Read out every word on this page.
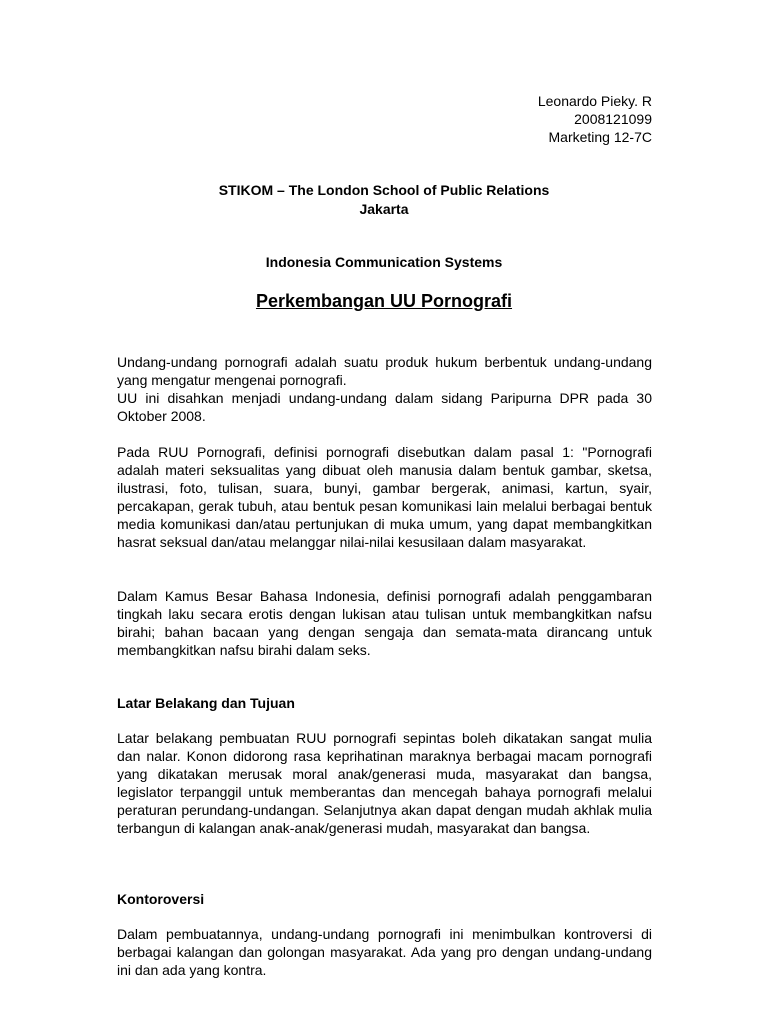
Leonardo Pieky. R
2008121099
Marketing 12-7C
STIKOM – The London School of Public Relations
Jakarta
Indonesia Communication Systems
Perkembangan UU Pornografi

Undang-undang pornografi adalah suatu produk hukum berbentuk undang-undang yang mengatur mengenai pornografi.

UU ini disahkan menjadi undang-undang dalam sidang Paripurna DPR pada 30 Oktober 2008.

Pada RUU Pornografi, definisi pornografi disebutkan dalam pasal 1: "Pornografi adalah materi seksualitas yang dibuat oleh manusia dalam bentuk gambar, sketsa, ilustrasi, foto, tulisan, suara, bunyi, gambar bergerak, animasi, kartun, syair, percakapan, gerak tubuh, atau bentuk pesan komunikasi lain melalui berbagai bentuk media komunikasi dan/atau pertunjukan di muka umum, yang dapat membangkitkan hasrat seksual dan/atau melanggar nilai-nilai kesusilaan dalam masyarakat.

Dalam Kamus Besar Bahasa Indonesia, definisi pornografi adalah penggambaran tingkah laku secara erotis dengan lukisan atau tulisan untuk membangkitkan nafsu birahi; bahan bacaan yang dengan sengaja dan semata-mata dirancang untuk membangkitkan nafsu birahi dalam seks.

Latar Belakang dan Tujuan

Latar belakang pembuatan RUU pornografi sepintas boleh dikatakan sangat mulia dan nalar. Konon didorong rasa keprihatinan maraknya berbagai macam pornografi yang dikatakan merusak moral anak/generasi muda, masyarakat dan bangsa, legislator terpanggil untuk memberantas dan mencegah bahaya pornografi melalui peraturan perundang-undangan. Selanjutnya akan dapat dengan mudah akhlak mulia terbangun di kalangan anak-anak/generasi mudah, masyarakat dan bangsa.

Kontoroversi

Dalam pembuatannya, undang-undang pornografi ini menimbulkan kontroversi di berbagai kalangan dan golongan masyarakat. Ada yang pro dengan undang-undang ini dan ada yang kontra.
